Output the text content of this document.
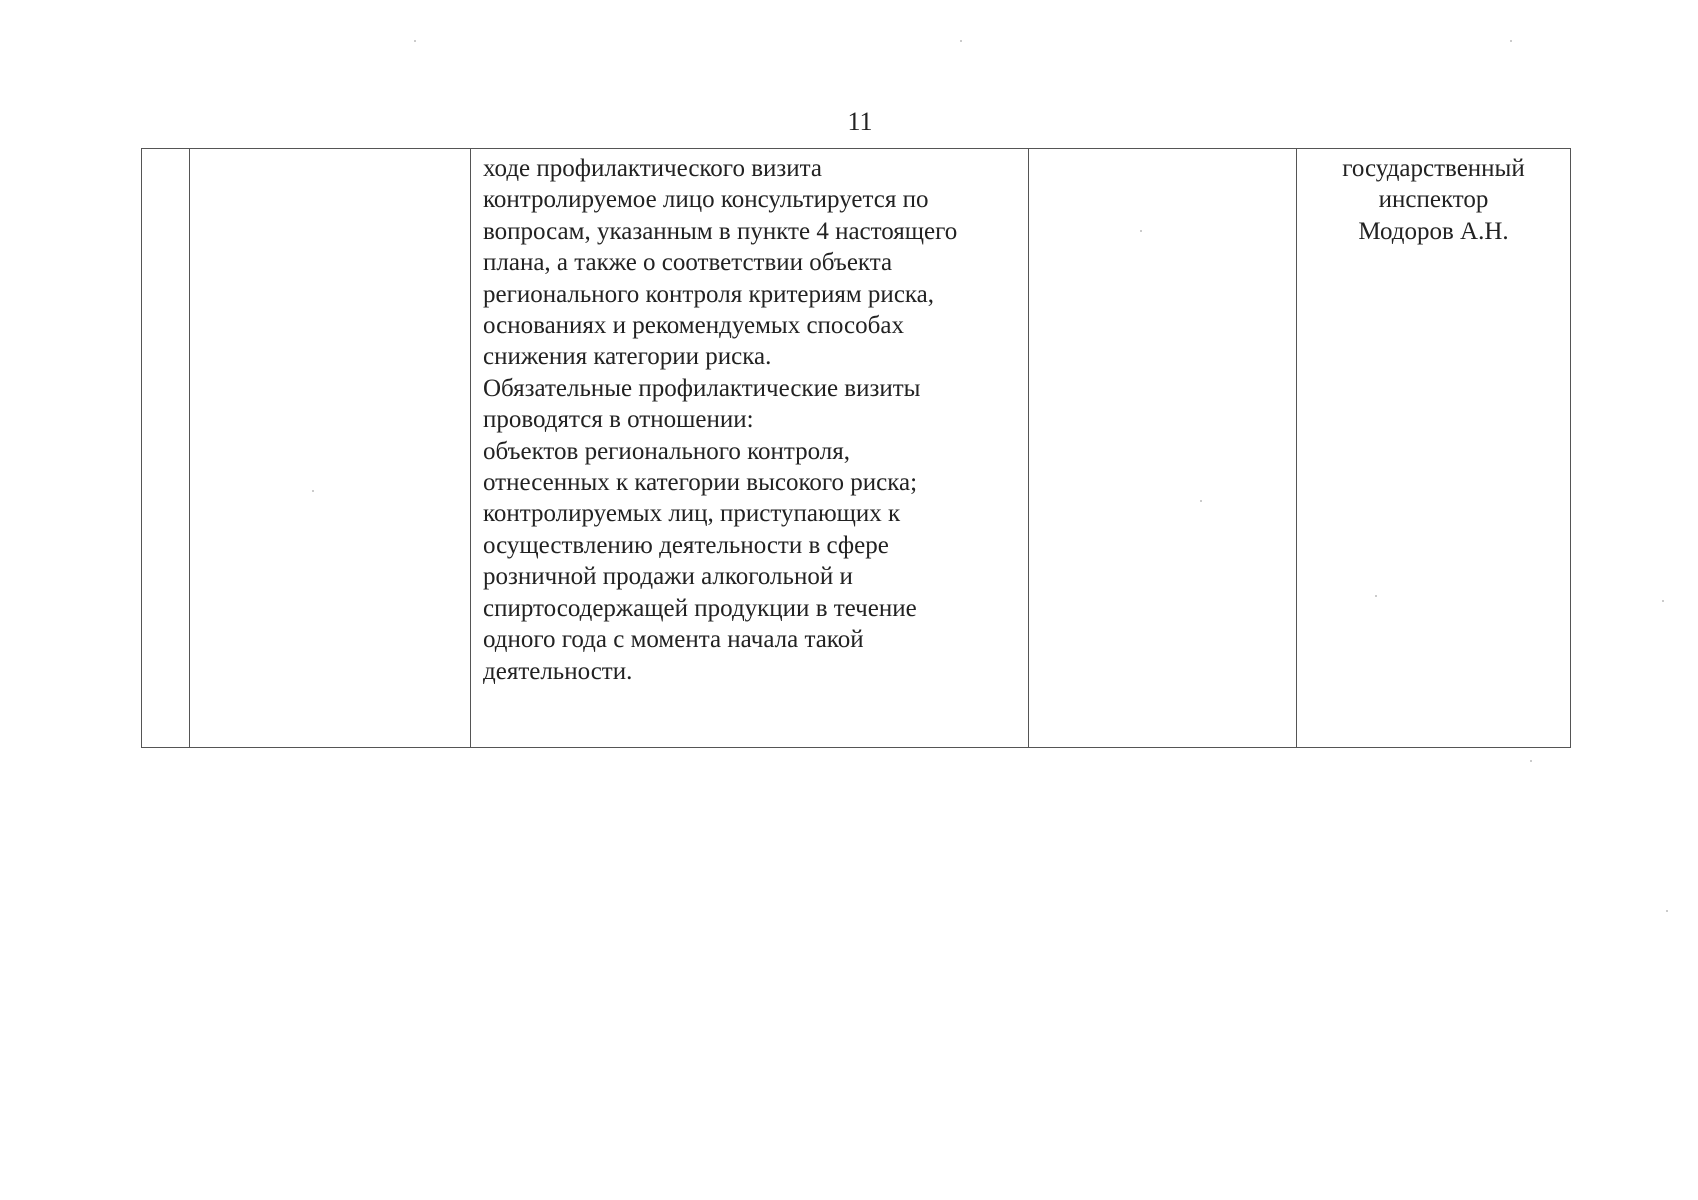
11

ходе профилактического визита
контролируемое лицо консультируется по
вопросам, указанным в пункте 4 настоящего
плана, а также о соответствии объекта
регионального контроля критериям риска,
основаниях и рекомендуемых способах
снижения категории риска.
Обязательные профилактические визиты
проводятся в отношении:
объектов регионального контроля,
отнесенных к категории высокого риска;
контролируемых лиц, приступающих к
осуществлению деятельности в сфере
розничной продажи алкогольной и
спиртосодержащей продукции в течение
одного года с момента начала такой
деятельности.

государственный
инспектор
Модоров А.Н.
